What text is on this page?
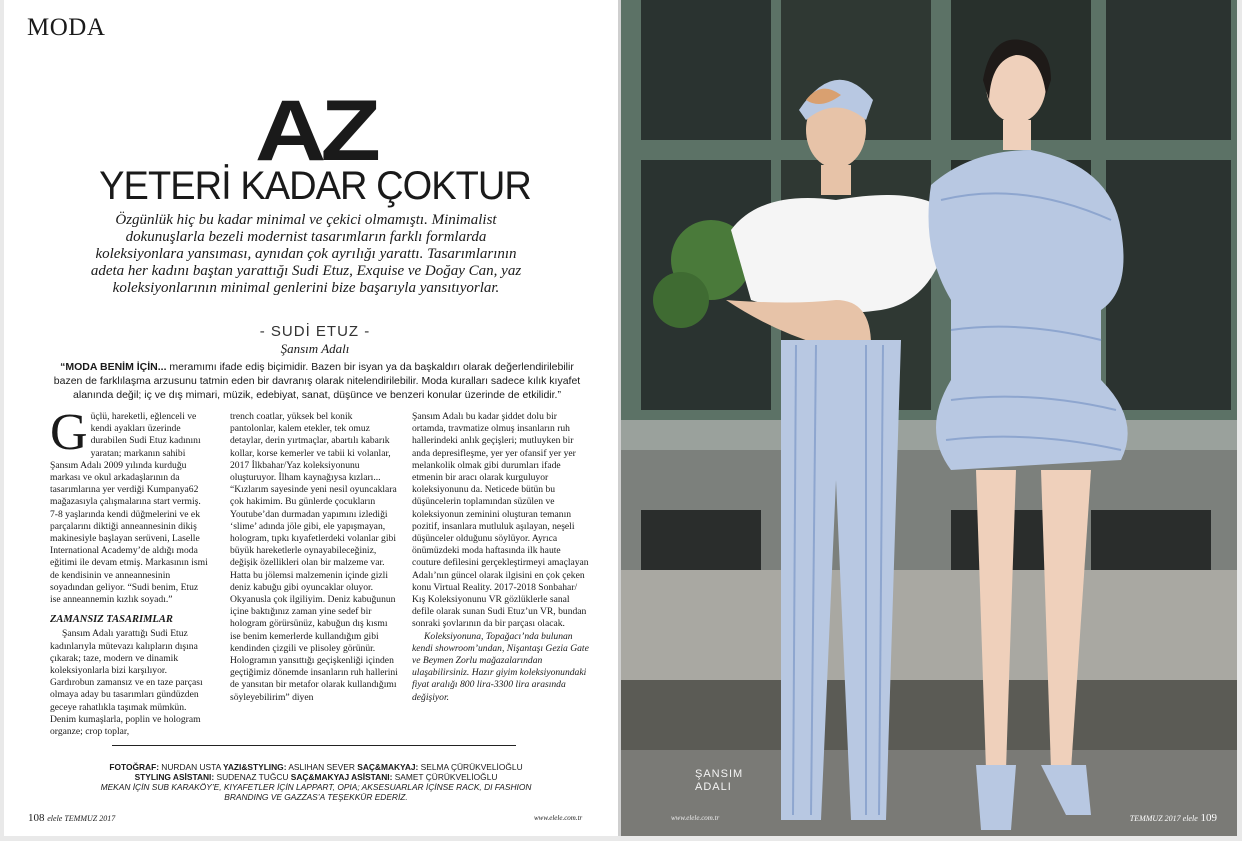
MODA
AZ
YETERİ KADAR ÇOKTUR
Özgünlük hiç bu kadar minimal ve çekici olmamıştı. Minimalist dokunuşlarla bezeli modernist tasarımların farklı formlarda koleksiyonlara yansıması, aynıdan çok ayrılığı yarattı. Tasarımlarının adeta her kadını baştan yarattığı Sudi Etuz, Exquise ve Doğay Can, yaz koleksiyonlarının minimal genlerini bize başarıyla yansıtıyorlar.
- SUDİ ETUZ -
Şansım Adalı
“MODA BENİM İÇİN... meramımı ifade ediş biçimidir. Bazen bir isyan ya da başkaldırı olarak değerlendirilebilir bazen de farklılaşma arzusunu tatmin eden bir davranış olarak nitelendirilebilir. Moda kuralları sadece kılık kıyafet alanında değil; iç ve dış mimari, müzik, edebiyat, sanat, düşünce ve benzeri konular üzerinde de etkilidir.”

Güçlü, hareketli, eğlenceli ve kendi ayakları üzerinde durabilen Sudi Etuz kadınını yaratan; markanın sahibi Şansım Adalı 2009 yılında kurduğu markası ve okul arkadaşlarının da tasarımlarına yer verdiği Kumpanya62 mağazasıyla çalışmalarına start vermiş. 7-8 yaşlarında kendi düğmelerini ve ek parçalarını diktiği anneannesinin dikiş makinesiyle başlayan serüveni, Laselle International Academy’de aldığı moda eğitimi ile devam etmiş. Markasının ismi de kendisinin ve anneannesinin soyadından geliyor. “Sudi benim, Etuz ise anneannemin kızlık soyadı.”

ZAMANSIZ TASARIMLAR

Şansım Adalı yarattığı Sudi Etuz kadınlarıyla mütevazı kalıpların dışına çıkarak; taze, modern ve dinamik koleksiyonlarla bizi karşılıyor. Gardırobun zamansız ve en taze parçası olmaya aday bu tasarımları gündüzden geceye rahatlıkla taşımak mümkün. Denim kumaşlarla, poplin ve hologram organze; crop toplar,

trench coatlar, yüksek bel konik pantolonlar, kalem etekler, tek omuz detaylar, derin yırtmaçlar, abartılı kabarık kollar, korse kemerler ve tabii ki volanlar, 2017 İlkbahar/Yaz koleksiyonunu oluşturuyor. İlham kaynağıysa kızları... “Kızlarım sayesinde yeni nesil oyuncaklara çok hakimim. Bu günlerde çocukların Youtube’dan durmadan yapımını izlediği ‘slime’ adında jöle gibi, ele yapışmayan, hologram, tıpkı kıyafetlerdeki volanlar gibi büyük hareketlerle oynayabileceğiniz, değişik özellikleri olan bir malzeme var. Hatta bu jölemsi malzemenin içinde gizli deniz kabuğu gibi oyuncaklar oluyor. Okyanusla çok ilgiliyim. Deniz kabuğunun içine baktığınız zaman yine sedef bir hologram görürsünüz, kabuğun dış kısmı ise benim kemerlerde kullandığım gibi kendinden çizgili ve plisoley görünür. Hologramın yansıttığı geçişkenliği içinden geçtiğimiz dönemde insanların ruh hallerini de yansıtan bir metafor olarak kullandığımı söyleyebilirim” diyen

Şansım Adalı bu kadar şiddet dolu bir ortamda, travmatize olmuş insanların ruh hallerindeki anlık geçişleri; mutluyken bir anda depresifleşme, yer yer ofansif yer yer melankolik olmak gibi durumları ifade etmenin bir aracı olarak kurguluyor koleksiyonunu da. Neticede bütün bu düşüncelerin toplamından süzülen ve koleksiyonun zeminini oluşturan temanın pozitif, insanlara mutluluk aşılayan, neşeli düşünceler olduğunu söylüyor. Ayrıca önümüzdeki moda haftasında ilk haute couture defilesini gerçekleştirmeyi amaçlayan Adalı’nın güncel olarak ilgisini en çok çeken konu Virtual Reality. 2017-2018 Sonbahar/ Kış Koleksiyonunu VR gözlüklerle sanal defile olarak sunan Sudi Etuz’un VR, bundan sonraki şovlarının da bir parçası olacak.

Koleksiyonuna, Topağacı’nda bulunan kendi showroom’undan, Nişantaşı Gezia Gate ve Beymen Zorlu mağazalarından ulaşabilirsiniz. Hazır giyim koleksiyonundaki fiyat aralığı 800 lira-3300 lira arasında değişiyor.

FOTOĞRAF: NURDAN USTA YAZI&STYLING: ASLIHAN SEVER SAÇ&MAKYAJ: SELMA ÇÜRÜKVELİOĞLU
STYLING ASİSTANI: SUDENAZ TUĞCU SAÇ&MAKYAJ ASİSTANI: SAMET ÇÜRÜKVELİOĞLU
MEKAN İÇİN SUB KARAKÖY’E, KIYAFETLER İÇİN LAPPART, OPIA; AKSESUARLAR İÇİNSE RACK, DI FASHION BRANDING VE GAZZAS’A TEŞEKKÜR EDERİZ.
108 elele TEMMUZ 2017	www.elele.com.tr
ŞANSIM
ADALI
www.elele.com.tr	TEMMUZ 2017 elele 109
